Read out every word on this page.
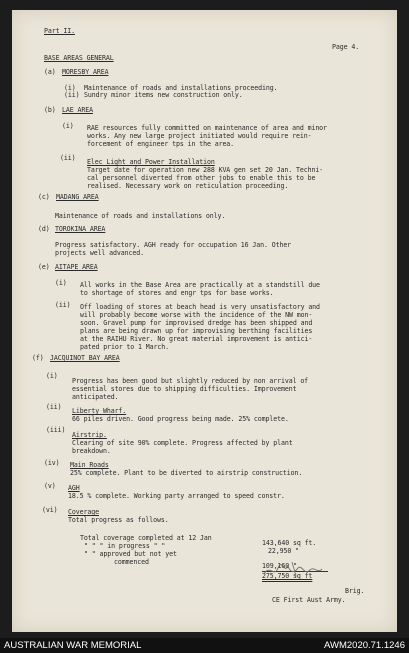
Part II.
Page 4.
BASE AREAS GENERAL
(a) MORESBY AREA
(i) Maintenance of roads and installations proceeding.
(ii) Sundry minor items new construction only.
(b) LAE AREA
(i) RAE resources fully committed on maintenance of area and minor
works. Any new large project initiated would require rein-
forcement of engineer tps in the area.
(ii) Elec Light and Power Installation
Target date for operation new 288 KVA gen set 20 Jan. Techni-
cal personnel diverted from other jobs to enable this to be
realised. Necessary work on reticulation proceeding.
(c) MADANG AREA
Maintenance of roads and installations only.
(d) TOROKINA AREA
Progress satisfactory. AGH ready for occupation 16 Jan. Other
projects well advanced.
(e) AITAPE AREA
(i) All works in the Base Area are practically at a standstill due
to shortage of stores and engr tps for base works.
(ii) Off loading of stores at beach head is very unsatisfactory and
will probably become worse with the incidence of the NW mon-
soon. Gravel pump for improvised dredge has been shipped and
plans are being drawn up for improvising berthing facilities
at the RAIHU River. No great material improvement is antici-
pated prior to 1 March.
(f) JACQUINOT BAY AREA
(i)
Progress has been good but slightly reduced by non arrival of
essential stores due to shipping difficulties. Improvement
anticipated.
(ii) Liberty Wharf.
66 piles driven. Good progress being made. 25% complete.
(iii)
Airstrip.
Clearing of site 90% complete. Progress affected by plant
breakdown.
(iv) Main Roads
25% complete. Plant to be diverted to airstrip construction.
(v) AGH
18.5 % complete. Working party arranged to speed constr.
(vi) Coverage
Total progress as follows.
Total coverage completed at 12 Jan
143,640 sq ft.
" " " in progress " "
22,950 "
" " approved but not yet
commenced	109,160 "
275,750 sq ft
Brig.
CE First Aust Army.
AUSTRALIAN WAR MEMORIAL	AWM2020.71.1246
